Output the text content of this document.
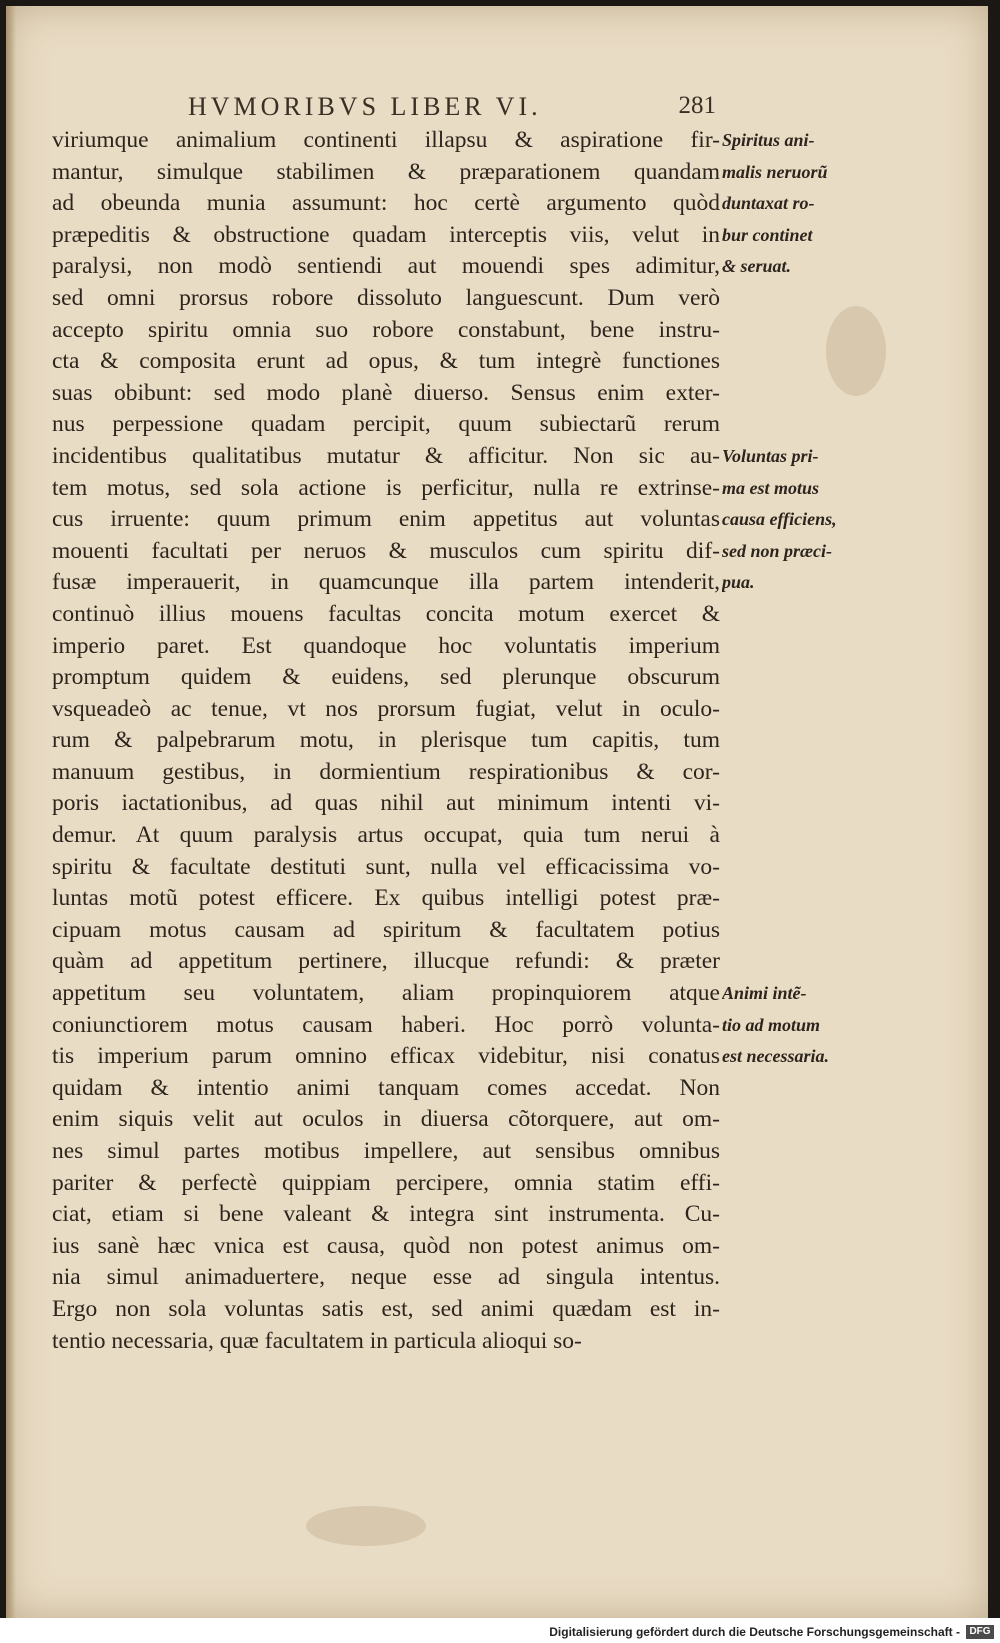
HVMORIBVS LIBER VI.	281
viriumque animalium continenti illapsu & aspiratione fir-
mantur, simulque stabilimen & præparationem quandam
ad obeunda munia assumunt: hoc certè argumento quòd
præpeditis & obstructione quadam interceptis viis, velut in
paralysi, non modò sentiendi aut mouendi spes adimitur,
sed omni prorsus robore dissoluto languescunt. Dum verò
accepto spiritu omnia suo robore constabunt, bene instru-
cta & composita erunt ad opus, & tum integrè functiones
suas obibunt: sed modo planè diuerso. Sensus enim exter-
nus perpessione quadam percipit, quum subiectarũ rerum
incidentibus qualitatibus mutatur & afficitur. Non sic au-
tem motus, sed sola actione is perficitur, nulla re extrinse-
cus irruente: quum primum enim appetitus aut voluntas
mouenti facultati per neruos & musculos cum spiritu dif-
fusæ imperauerit, in quamcunque illa partem intenderit,
continuò illius mouens facultas concita motum exercet &
imperio paret. Est quandoque hoc voluntatis imperium
promptum quidem & euidens, sed plerunque obscurum
vsqueadeò ac tenue, vt nos prorsum fugiat, velut in oculo-
rum & palpebrarum motu, in plerisque tum capitis, tum
manuum gestibus, in dormientium respirationibus & cor-
poris iactationibus, ad quas nihil aut minimum intenti vi-
demur. At quum paralysis artus occupat, quia tum nerui à
spiritu & facultate destituti sunt, nulla vel efficacissima vo-
luntas motũ potest efficere. Ex quibus intelligi potest præ-
cipuam motus causam ad spiritum & facultatem potius
quàm ad appetitum pertinere, illucque refundi: & præter
appetitum seu voluntatem, aliam propinquiorem atque
coniunctiorem motus causam haberi. Hoc porrò volunta-
tis imperium parum omnino efficax videbitur, nisi conatus
quidam & intentio animi tanquam comes accedat. Non
enim siquis velit aut oculos in diuersa cõtorquere, aut om-
nes simul partes motibus impellere, aut sensibus omnibus
pariter & perfectè quippiam percipere, omnia statim effi-
ciat, etiam si bene valeant & integra sint instrumenta. Cu-
ius sanè hæc vnica est causa, quòd non potest animus om-
nia simul animaduertere, neque esse ad singula intentus.
Ergo non sola voluntas satis est, sed animi quædam est in-
tentio necessaria, quæ facultatem in particula alioqui so-
Spiritus ani-
malis neruorũ
duntaxat ro-
bur continet
& seruat.
Voluntas pri-
ma est motus
causa efficiens,
sed non præci-
pua.
Animi intẽ-
tio ad motum
est necessaria.
Digitalisierung gefördert durch die Deutsche Forschungsgemeinschaft - DFG
